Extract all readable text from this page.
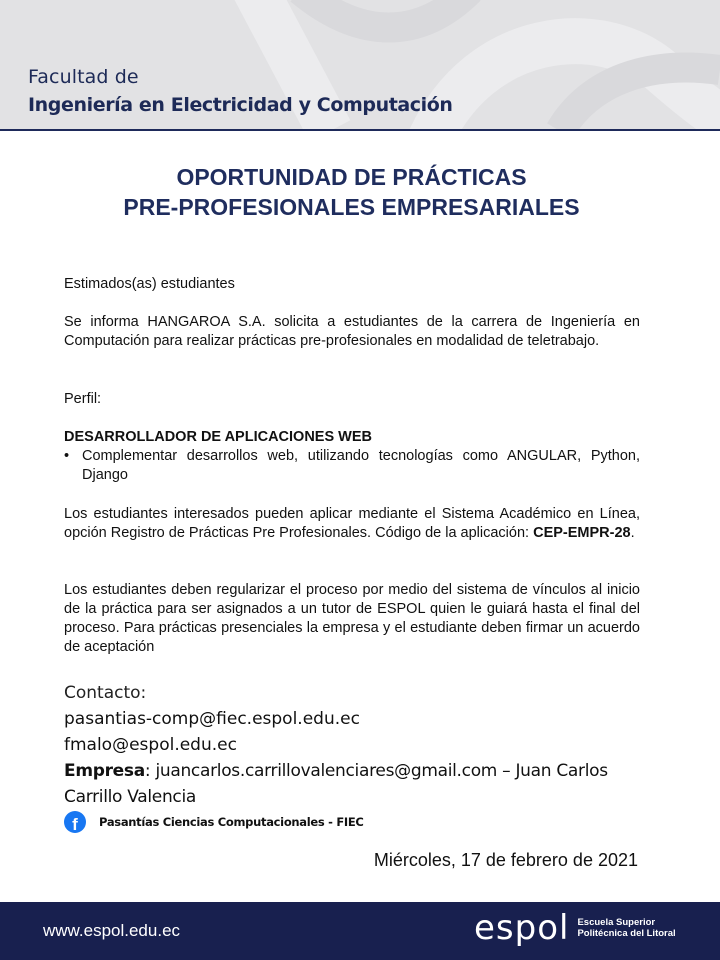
Facultad de
Ingeniería en Electricidad y Computación
OPORTUNIDAD DE PRÁCTICAS
PRE-PROFESIONALES EMPRESARIALES
Estimados(as) estudiantes
Se informa HANGAROA S.A. solicita a estudiantes de la carrera de Ingeniería en Computación para realizar prácticas pre-profesionales en modalidad de teletrabajo.
Perfil:
DESARROLLADOR DE APLICACIONES WEB
• Complementar desarrollos web, utilizando tecnologías como ANGULAR, Python, Django
Los estudiantes interesados pueden aplicar mediante el Sistema Académico en Línea, opción Registro de Prácticas Pre Profesionales. Código de la aplicación: CEP-EMPR-28.
Los estudiantes deben regularizar el proceso por medio del sistema de vínculos al inicio de la práctica para ser asignados a un tutor de ESPOL quien le guiará hasta el final del proceso. Para prácticas presenciales la empresa y el estudiante deben firmar un acuerdo de aceptación
Contacto:
pasantias-comp@fiec.espol.edu.ec
fmalo@espol.edu.ec
Empresa: juancarlos.carrillovalenciares@gmail.com – Juan Carlos Carrillo Valencia
f	Pasantías Ciencias Computacionales - FIEC
Miércoles, 17 de febrero de 2021
www.espol.edu.ec	espol Escuela Superior
Politécnica del Litoral
